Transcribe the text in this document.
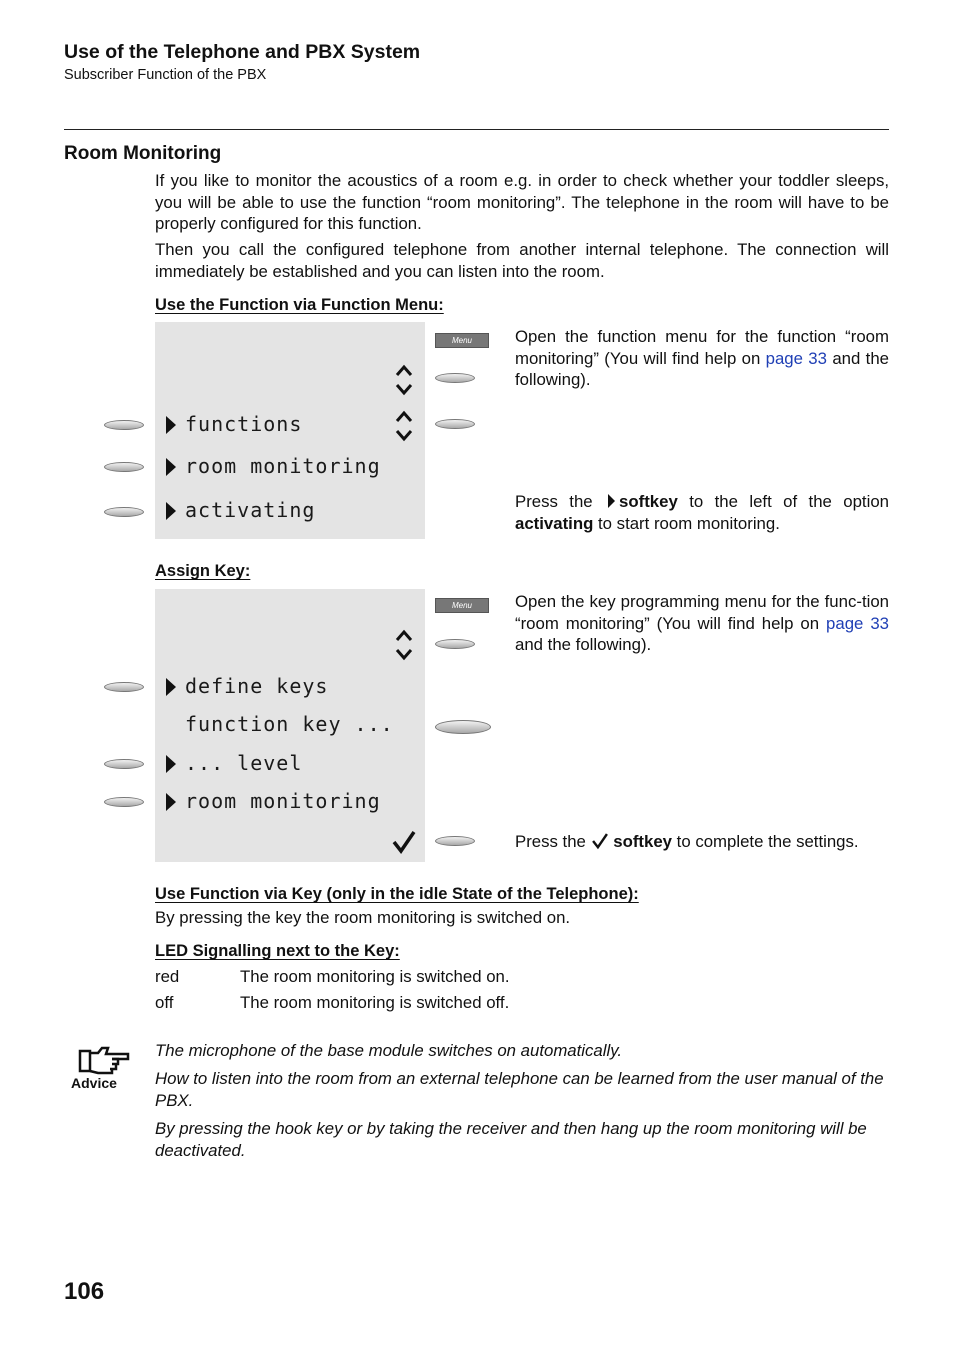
Use of the Telephone and PBX System
Subscriber Function of the PBX
Room Monitoring
If you like to monitor the acoustics of a room e.g. in order to check whether your toddler sleeps, you will be able to use the function “room monitoring”. The telephone in the room will have to be properly configured for this function.
Then you call the configured telephone from another internal telephone. The connection will immediately be established and you can listen into the room.
Use the Function via Function Menu:
functions
room monitoring
activating
Menu	Open the function menu for the function “room monitoring” (You will find help on page 33 and the following).
Press the softkey to the left of the option activating to start room monitoring.
Assign Key:
define keys
function key ...
... level
room monitoring
Menu	Open the key programming menu for the func-tion “room monitoring” (You will find help on page 33 and the following).
Press the softkey to complete the settings.
Use Function via Key (only in the idle State of the Telephone):
By pressing the key the room monitoring is switched on.
LED Signalling next to the Key:
red	The room monitoring is switched on.
off	The room monitoring is switched off.
Advice
The microphone of the base module switches on automatically.
How to listen into the room from an external telephone can be learned from the user manual of the PBX.
By pressing the hook key or by taking the receiver and then hang up the room monitoring will be deactivated.
106
